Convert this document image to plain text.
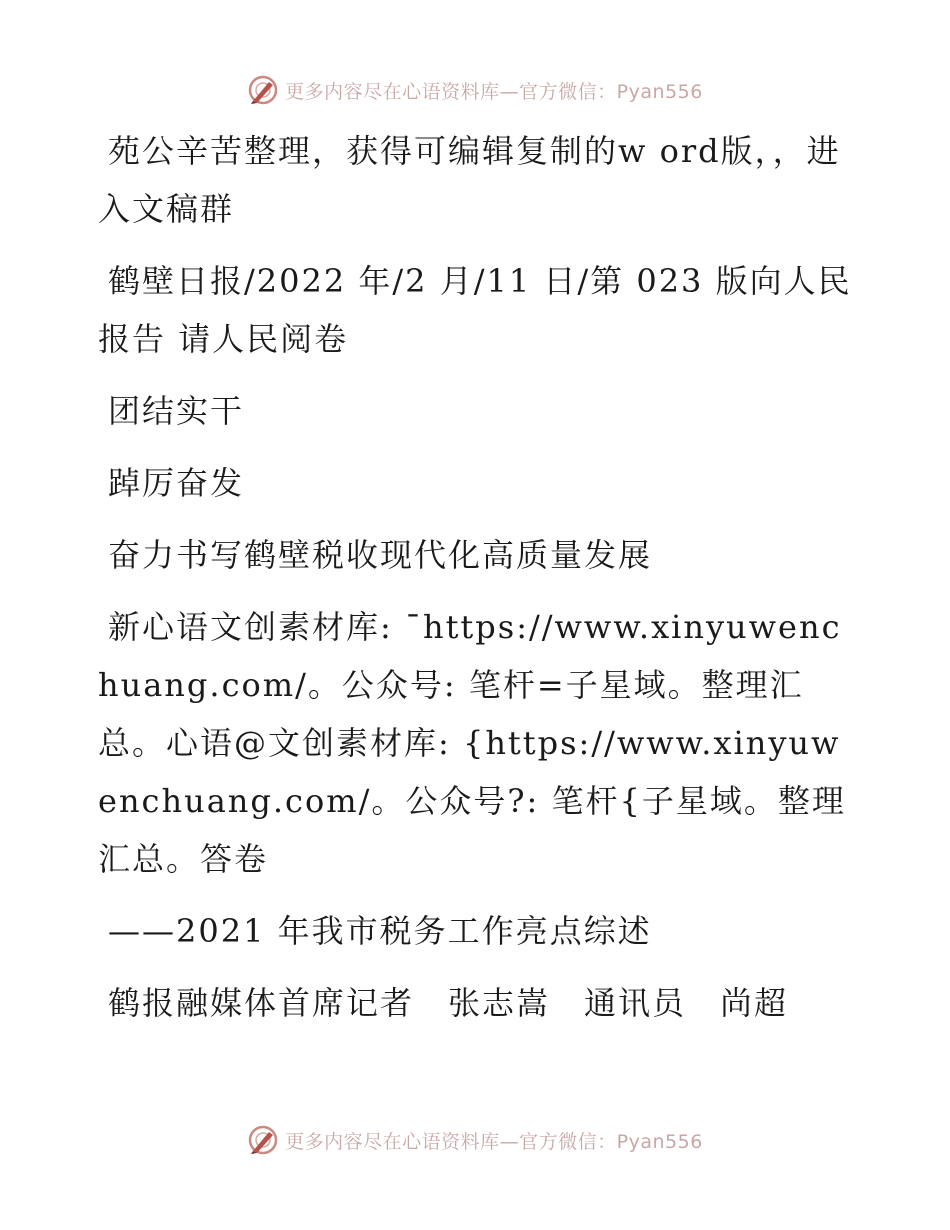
更多内容尽在心语资料库—官方微信：Pyan556

苑公辛苦整理，获得可编辑复制的w ord版，，进入文稿群

鹤壁日报/2022 年/2 月/11 日/第 023 版向人民报告 请人民阅卷

团结实干

踔厉奋发

奋力书写鹤壁税收现代化高质量发展

新心语文创素材库: ¯https://www.xinyuwenchuang.com/。公众号: 笔杆=子星域。整理汇总。心语@文创素材库: {https://www.xinyuwenchuang.com/。公众号?: 笔杆{子星域。整理汇总。答卷

——2021 年我市税务工作亮点综述

鹤报融媒体首席记者　张志嵩　通讯员　尚超

更多内容尽在心语资料库—官方微信：Pyan556
